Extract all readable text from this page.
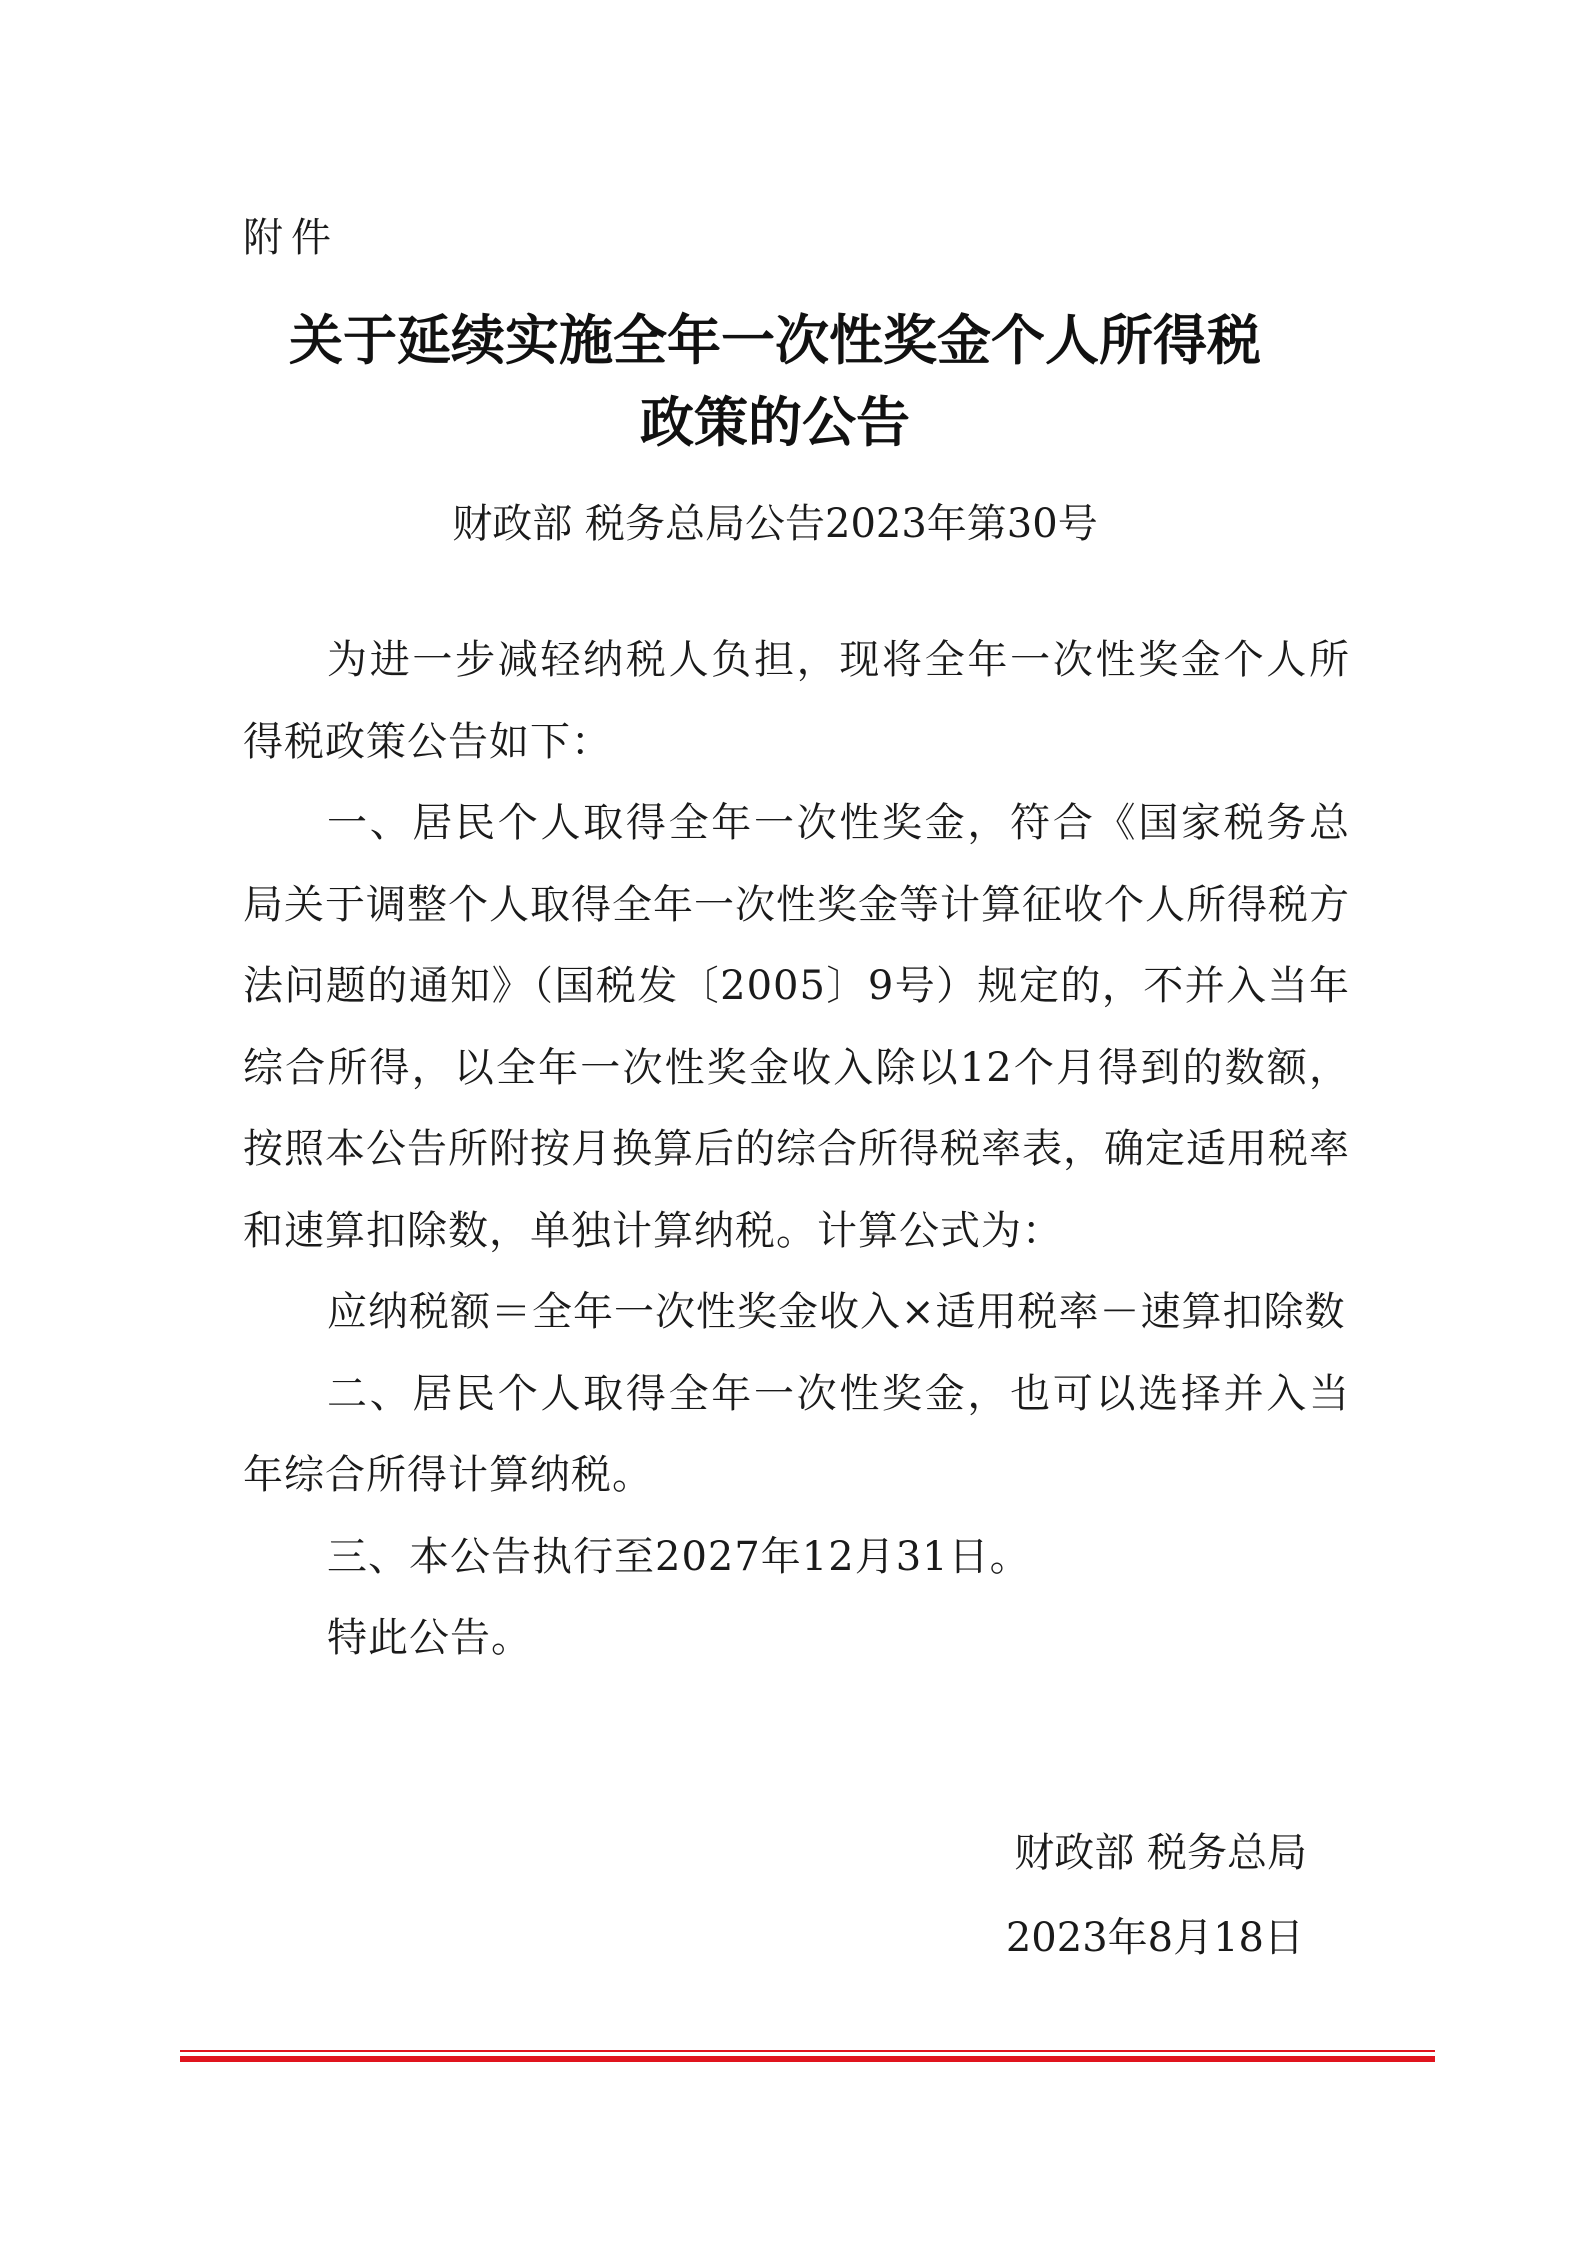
附件
关于延续实施全年一次性奖金个人所得税
政策的公告
财政部 税务总局公告2023年第30号

为进一步减轻纳税人负担，现将全年一次性奖金个人所得税政策公告如下：

一、居民个人取得全年一次性奖金，符合《国家税务总局关于调整个人取得全年一次性奖金等计算征收个人所得税方法问题的通知》（国税发〔2005〕9号）规定的，不并入当年综合所得，以全年一次性奖金收入除以12个月得到的数额，按照本公告所附按月换算后的综合所得税率表，确定适用税率和速算扣除数，单独计算纳税。计算公式为：

应纳税额＝全年一次性奖金收入×适用税率－速算扣除数

二、居民个人取得全年一次性奖金，也可以选择并入当年综合所得计算纳税。

三、本公告执行至2027年12月31日。

特此公告。

财政部 税务总局
2023年8月18日
